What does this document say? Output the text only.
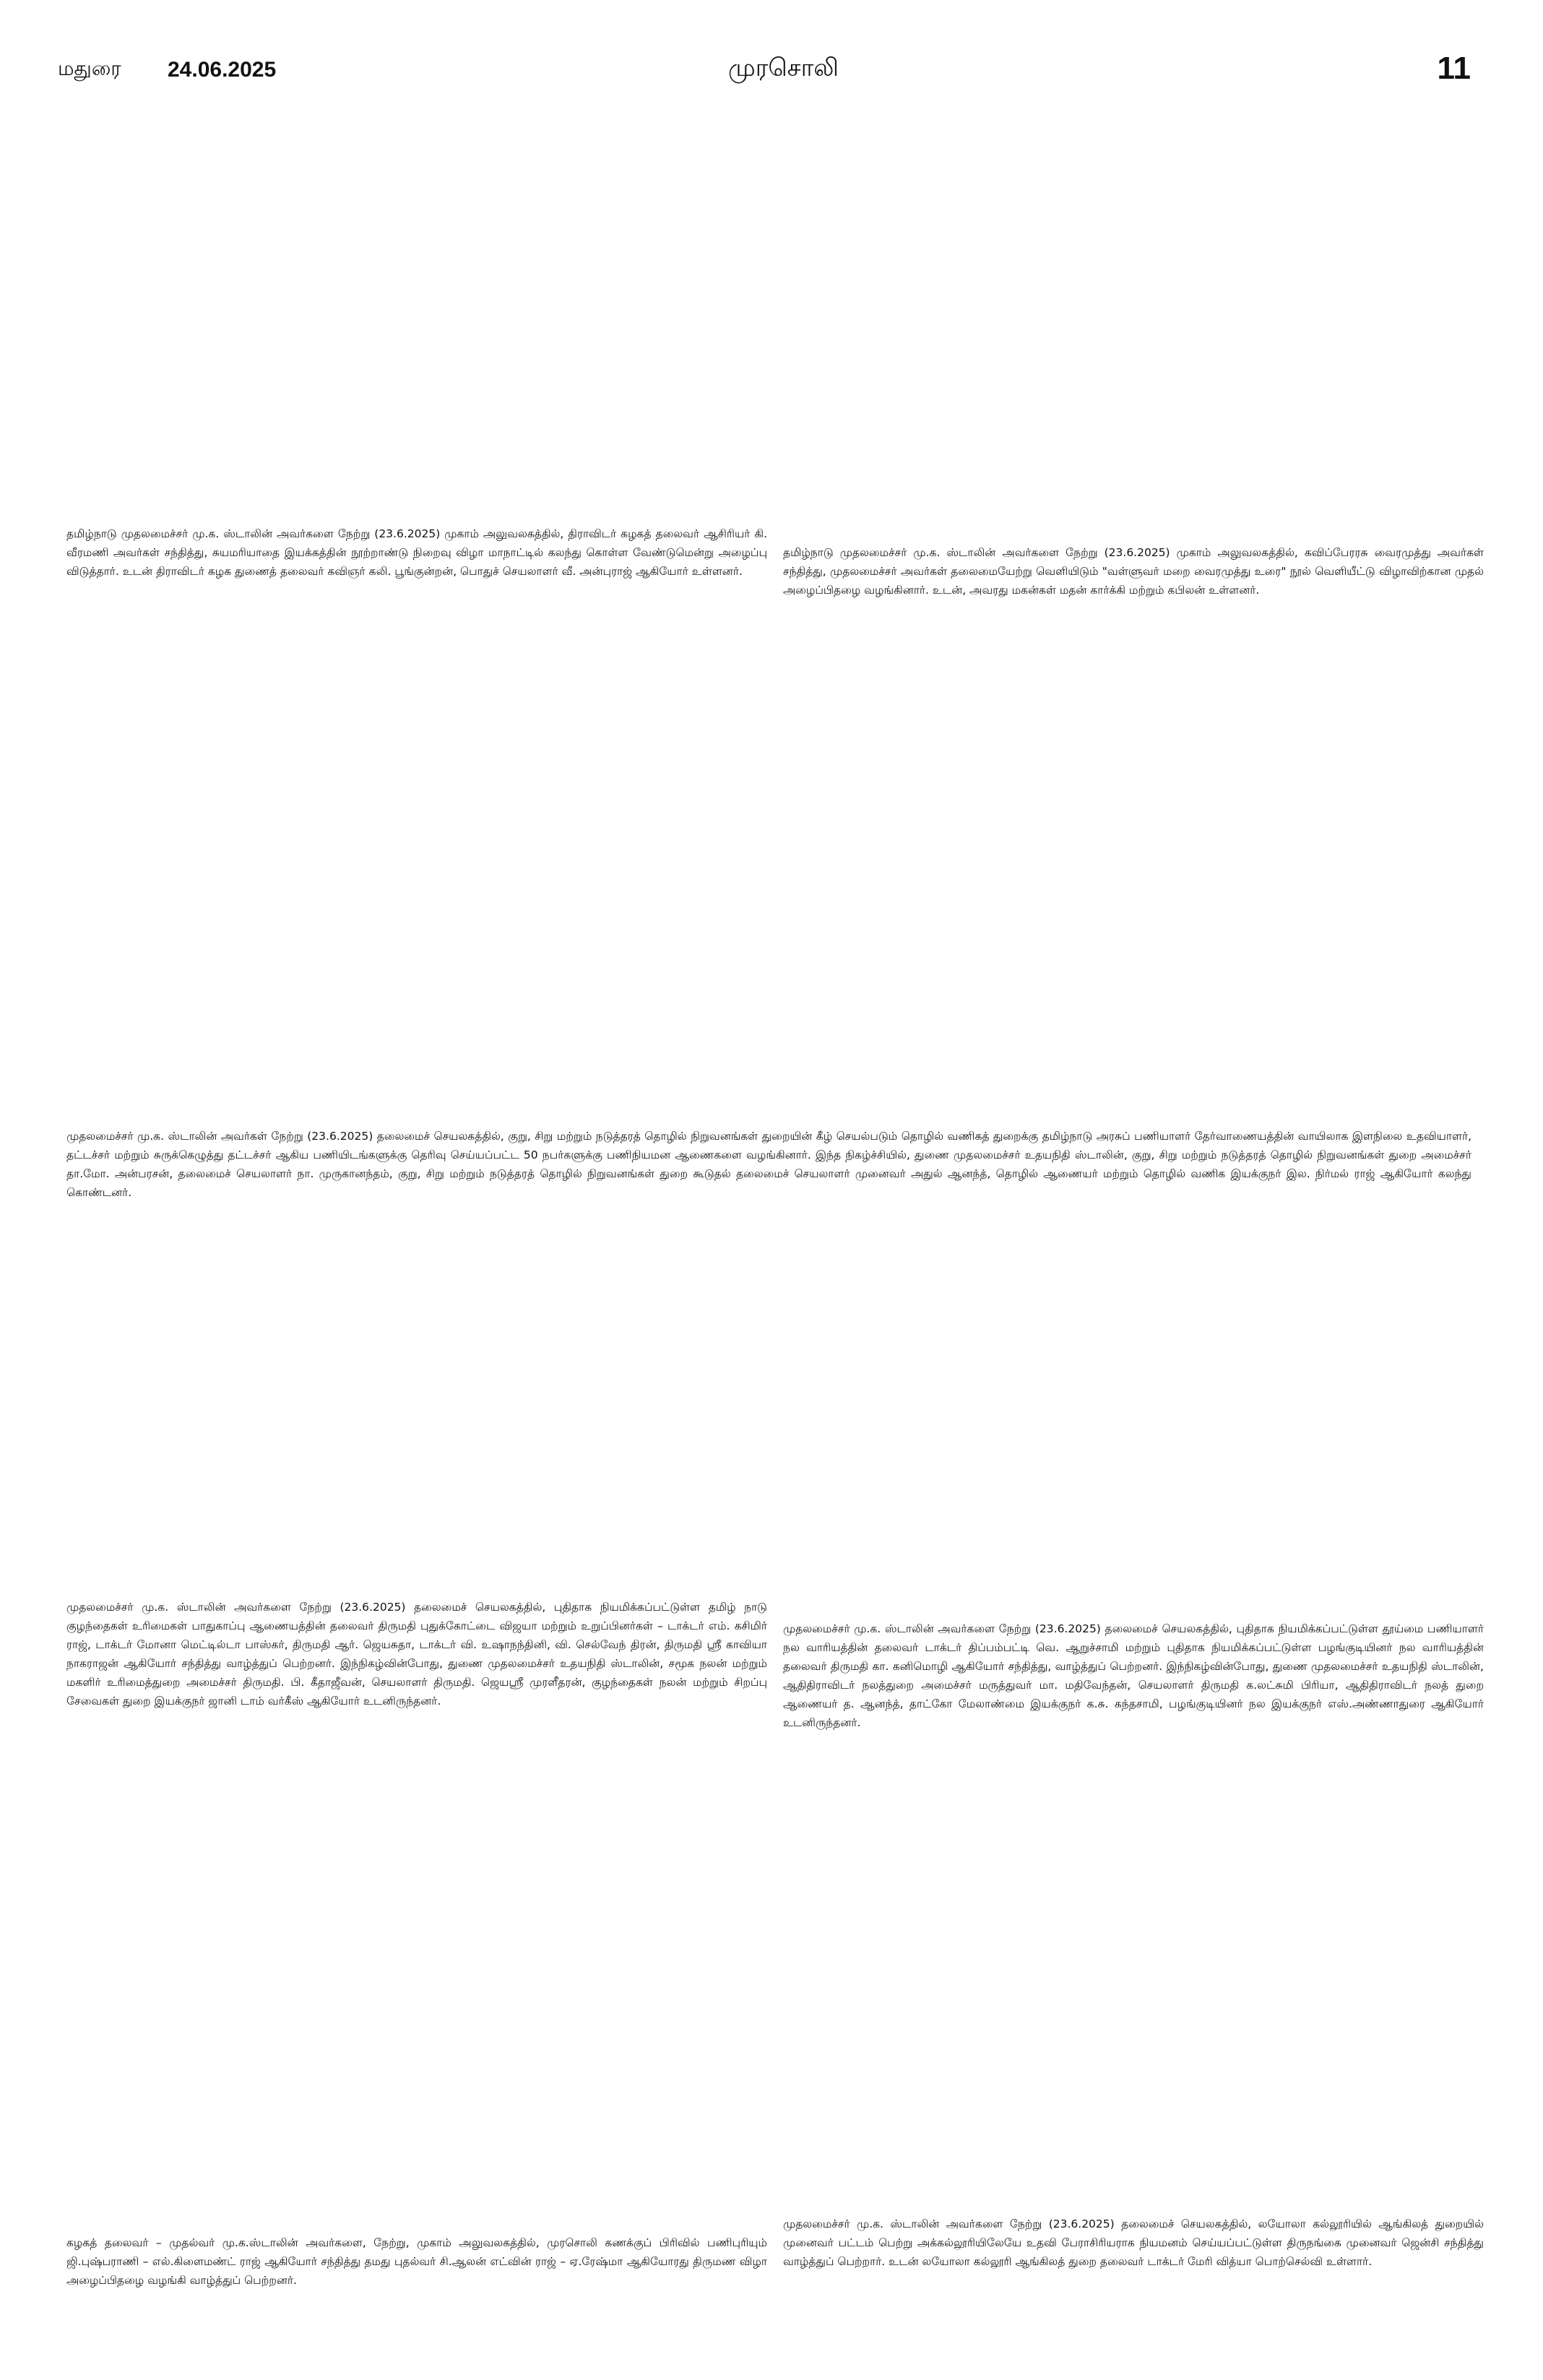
மதுரை 24.06.2025	முரசொலி	11

தமிழ்நாடு முதலமைச்சர் மு.க. ஸ்டாலின் அவர்களை நேற்று (23.6.2025) முகாம் அலுவலகத்தில், திராவிடர் கழகத் தலைவர் ஆசிரியர் கி. வீரமணி அவர்கள் சந்தித்து, சுயமரியாதை இயக்கத்தின் நூற்றாண்டு நிறைவு விழா மாநாட்டில் கலந்து கொள்ள வேண்டுமென்று அழைப்பு விடுத்தார். உடன் திராவிடர் கழக துணைத் தலைவர் கவிஞர் கலி. பூங்குன்றன், பொதுச் செயலாளர் வீ. அன்புராஜ் ஆகியோர் உள்ளனர்.

தமிழ்நாடு முதலமைச்சர் மு.க. ஸ்டாலின் அவர்களை நேற்று (23.6.2025) முகாம் அலுவலகத்தில், கவிப்பேரரசு வைரமுத்து அவர்கள் சந்தித்து, முதலமைச்சர் அவர்கள் தலைமையேற்று வெளியிடும் "வள்ளுவர் மறை வைரமுத்து உரை" நூல் வெளியீட்டு விழாவிற்கான முதல் அழைப்பிதழை வழங்கினார். உடன், அவரது மகன்கள் மதன் கார்க்கி மற்றும் கபிலன் உள்ளனர்.

முதலமைச்சர் மு.க. ஸ்டாலின் அவர்கள் நேற்று (23.6.2025) தலைமைச் செயலகத்தில், குறு, சிறு மற்றும் நடுத்தரத் தொழில் நிறுவனங்கள் துறையின் கீழ் செயல்படும் தொழில் வணிகத் துறைக்கு தமிழ்நாடு அரசுப் பணியாளர் தேர்வாணையத்தின் வாயிலாக இளநிலை உதவியாளர், தட்டச்சர் மற்றும் சுருக்கெழுத்து தட்டச்சர் ஆகிய பணியிடங்களுக்கு தெரிவு செய்யப்பட்ட 50 நபர்களுக்கு பணிநியமன ஆணைகளை வழங்கினார். இந்த நிகழ்ச்சியில், துணை முதலமைச்சர் உதயநிதி ஸ்டாலின், குறு, சிறு மற்றும் நடுத்தரத் தொழில் நிறுவனங்கள் துறை அமைச்சர் தா.மோ. அன்பரசன், தலைமைச் செயலாளர் நா. முருகானந்தம், குறு, சிறு மற்றும் நடுத்தரத் தொழில் நிறுவனங்கள் துறை கூடுதல் தலைமைச் செயலாளர் முனைவர் அதுல் ஆனந்த், தொழில் ஆணையர் மற்றும் தொழில் வணிக இயக்குநர் இல. நிர்மல் ராஜ் ஆகியோர் கலந்து கொண்டனர்.

முதலமைச்சர் மு.க. ஸ்டாலின் அவர்களை நேற்று (23.6.2025) தலைமைச் செயலகத்தில், புதிதாக நியமிக்கப்பட்டுள்ள தமிழ் நாடு குழந்தைகள் உரிமைகள் பாதுகாப்பு ஆணையத்தின் தலைவர் திருமதி புதுக்கோட்டை விஜயா மற்றும் உறுப்பினர்கள் – டாக்டர் எம். கசிமிர் ராஜ், டாக்டர் மோனா மெட்டில்டா பாஸ்கர், திருமதி ஆர். ஜெயசுதா, டாக்டர் வி. உஷாநந்தினி, வி. செல்வேந் திரன், திருமதி ஸ்ரீ காவியா நாகராஜன் ஆகியோர் சந்தித்து வாழ்த்துப் பெற்றனர். இந்நிகழ்வின்போது, துணை முதலமைச்சர் உதயநிதி ஸ்டாலின், சமூக நலன் மற்றும் மகளிர் உரிமைத்துறை அமைச்சர் திருமதி. பி. கீதாஜீவன், செயலாளர் திருமதி. ஜெயஸ்ரீ முரளீதரன், குழந்தைகள் நலன் மற்றும் சிறப்பு சேவைகள் துறை இயக்குநர் ஜானி டாம் வர்கீஸ் ஆகியோர் உடனிருந்தனர்.

முதலமைச்சர் மு.க. ஸ்டாலின் அவர்களை நேற்று (23.6.2025) தலைமைச் செயலகத்தில், புதிதாக நியமிக்கப்பட்டுள்ள தூய்மை பணியாளர் நல வாரியத்தின் தலைவர் டாக்டர் திப்பம்பட்டி வெ. ஆறுச்சாமி மற்றும் புதிதாக நியமிக்கப்பட்டுள்ள பழங்குடியினர் நல வாரியத்தின் தலைவர் திருமதி கா. கனிமொழி ஆகியோர் சந்தித்து, வாழ்த்துப் பெற்றனர். இந்நிகழ்வின்போது, துணை முதலமைச்சர் உதயநிதி ஸ்டாலின், ஆதிதிராவிடர் நலத்துறை அமைச்சர் மருத்துவர் மா. மதிவேந்தன், செயலாளர் திருமதி க.லட்சுமி பிரியா, ஆதிதிராவிடர் நலத் துறை ஆணையர் த. ஆனந்த், தாட்கோ மேலாண்மை இயக்குநர் க.சு. கந்தசாமி, பழங்குடியினர் நல இயக்குநர் எஸ்.அண்ணாதுரை ஆகியோர் உடனிருந்தனர்.

கழகத் தலைவர் – முதல்வர் மு.க.ஸ்டாலின் அவர்களை, நேற்று, முகாம் அலுவலகத்தில், முரசொலி கணக்குப் பிரிவில் பணிபுரியும் ஜி.புஷ்பராணி – எல்.கிளைமண்ட் ராஜ் ஆகியோர் சந்தித்து தமது புதல்வர் சி.ஆலன் எட்வின் ராஜ் – ஏ.ரேஷ்மா ஆகியோரது திருமண விழா அழைப்பிதழை வழங்கி வாழ்த்துப் பெற்றனர்.

முதலமைச்சர் மு.க. ஸ்டாலின் அவர்களை நேற்று (23.6.2025) தலைமைச் செயலகத்தில், லயோலா கல்லூரியில் ஆங்கிலத் துறையில் முனைவர் பட்டம் பெற்று அக்கல்லூரியிலேயே உதவி பேராசிரியராக நியமனம் செய்யப்பட்டுள்ள திருநங்கை முனைவர் ஜென்சி சந்தித்து வாழ்த்துப் பெற்றார். உடன் லயோலா கல்லூரி ஆங்கிலத் துறை தலைவர் டாக்டர் மேரி வித்யா பொற்செல்வி உள்ளார்.
